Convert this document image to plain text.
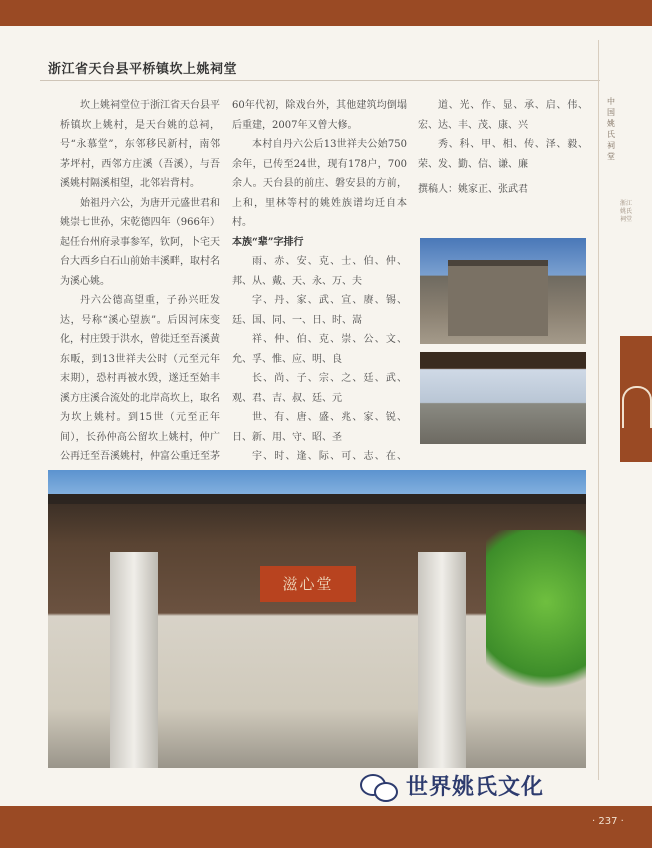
浙江省天台县平桥镇坎上姚祠堂

坎上姚祠堂位于浙江省天台县平桥镇坎上姚村，是天台姚的总祠，号“永慕堂”，东邻移民新村，南邻茅坪村，西邻方庄溪（吾溪），与吾溪姚村隔溪相望，北邻岩背村。

始祖丹六公，为唐开元盛世君和姚崇七世孙，宋乾德四年（966年）起任台州府录事参军，钦阿，卜宅天台大西乡白石山前始丰溪畔，取村名为溪心姚。

丹六公德高望重，子孙兴旺发达，号称“溪心望族”。后因河床变化，村庄毁于洪水，曾徙迁至吾溪黄东畈，到13世祥夫公时（元至元年末期），恐村再被水毁，遂迁至始丰溪方庄溪合流处的北岸高坎上，取名为坎上姚村。到15世（元至正年间），长孙仲高公留坎上姚村，仲广公再迁至吾溪姚村，仲富公重迁至茅

60年代初，除戏台外，其他建筑均倒塌后重建，2007年又曾大修。

本村自丹六公后13世祥夫公始750余年，已传至24世，现有178户，700余人。天台县的前庄、磐安县的方前，上和，里林等村的姚姓族谱均迁自本村。

本族“辈”字排行

雨、赤、安、克、士、伯、仲、邦、从、戴、天、永、万、夫

字、丹、家、武、宣、赓、锡、廷、国、同、一、日、时、嵩

祥、仲、伯、克、崇、公、文、允、孚、惟、应、明、良

长、尚、子、宗、之、廷、武、观、君、吉、叔、廷、元

世、有、唐、盛、兆、家、锐、日、新、用、守、昭、圣

宇、时、逢、际、可、志、在、

道、光、作、显、承、启、伟、宏、达、丰、茂、康、兴

秀、科、甲、相、传、泽、毅、荣、发、勤、信、谦、廉

撰稿人：姚家正、张武君

滋心堂
中国姚氏祠堂
浙江姚氏祠堂
世界姚氏文化
· 237 ·
